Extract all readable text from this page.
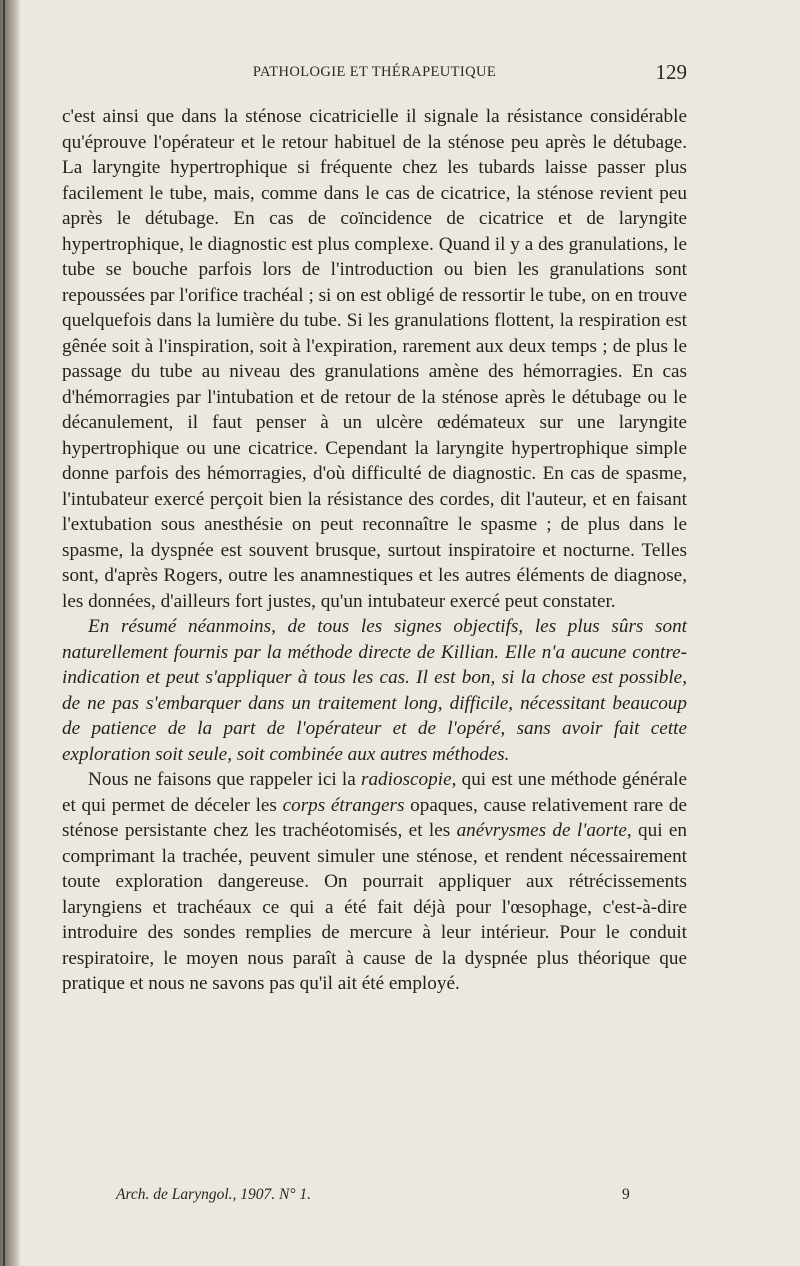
PATHOLOGIE ET THÉRAPEUTIQUE	129

c'est ainsi que dans la sténose cicatricielle il signale la résistance considérable qu'éprouve l'opérateur et le retour habituel de la sténose peu après le détubage. La laryngite hypertrophique si fréquente chez les tubards laisse passer plus facilement le tube, mais, comme dans le cas de cicatrice, la sténose revient peu après le détubage. En cas de coïncidence de cicatrice et de laryngite hypertrophique, le diagnostic est plus complexe. Quand il y a des granulations, le tube se bouche parfois lors de l'introduction ou bien les granulations sont repoussées par l'orifice trachéal ; si on est obligé de ressortir le tube, on en trouve quelquefois dans la lumière du tube. Si les granulations flottent, la respiration est gênée soit à l'inspiration, soit à l'expiration, rarement aux deux temps ; de plus le passage du tube au niveau des granulations amène des hémorragies. En cas d'hémorragies par l'intubation et de retour de la sténose après le détubage ou le décanulement, il faut penser à un ulcère œdémateux sur une laryngite hypertrophique ou une cicatrice. Cependant la laryngite hypertrophique simple donne parfois des hémorragies, d'où difficulté de diagnostic. En cas de spasme, l'intubateur exercé perçoit bien la résistance des cordes, dit l'auteur, et en faisant l'extubation sous anesthésie on peut reconnaître le spasme ; de plus dans le spasme, la dyspnée est souvent brusque, surtout inspiratoire et nocturne. Telles sont, d'après Rogers, outre les anamnestiques et les autres éléments de diagnose, les données, d'ailleurs fort justes, qu'un intubateur exercé peut constater.

En résumé néanmoins, de tous les signes objectifs, les plus sûrs sont naturellement fournis par la méthode directe de Killian. Elle n'a aucune contre-indication et peut s'appliquer à tous les cas. Il est bon, si la chose est possible, de ne pas s'embarquer dans un traitement long, difficile, nécessitant beaucoup de patience de la part de l'opérateur et de l'opéré, sans avoir fait cette exploration soit seule, soit combinée aux autres méthodes.

Nous ne faisons que rappeler ici la radioscopie, qui est une méthode générale et qui permet de déceler les corps étrangers opaques, cause relativement rare de sténose persistante chez les trachéotomisés, et les anévrysmes de l'aorte, qui en comprimant la trachée, peuvent simuler une sténose, et rendent nécessairement toute exploration dangereuse. On pourrait appliquer aux rétrécissements laryngiens et trachéaux ce qui a été fait déjà pour l'œsophage, c'est-à-dire introduire des sondes remplies de mercure à leur intérieur. Pour le conduit respiratoire, le moyen nous paraît à cause de la dyspnée plus théorique que pratique et nous ne savons pas qu'il ait été employé.

Arch. de Laryngol., 1907. N° 1.	9
